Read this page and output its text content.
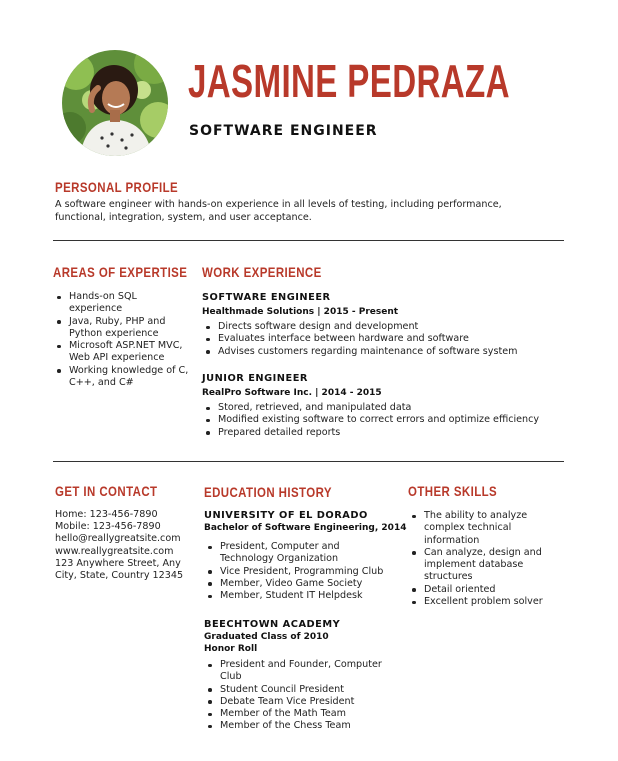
JASMINE PEDRAZA
SOFTWARE ENGINEER
PERSONAL PROFILE
A software engineer with hands-on experience in all levels of testing, including performance, functional, integration, system, and user acceptance.
AREAS OF EXPERTISE
Hands-on SQL experience
Java, Ruby, PHP and Python experience
Microsoft ASP.NET MVC, Web API experience
Working knowledge of C, C++, and C#
WORK EXPERIENCE
SOFTWARE ENGINEER
Healthmade Solutions | 2015 - Present
Directs software design and development
Evaluates interface between hardware and software
Advises customers regarding maintenance of software system
JUNIOR ENGINEER
RealPro Software Inc. | 2014 - 2015
Stored, retrieved, and manipulated data
Modified existing software to correct errors and optimize efficiency
Prepared detailed reports
GET IN CONTACT
Home: 123-456-7890
Mobile: 123-456-7890
hello@reallygreatsite.com
www.reallygreatsite.com
123 Anywhere Street, Any
City, State, Country 12345
EDUCATION HISTORY
UNIVERSITY OF EL DORADO
Bachelor of Software Engineering, 2014
President, Computer and Technology Organization
Vice President, Programming Club
Member, Video Game Society
Member, Student IT Helpdesk
BEECHTOWN ACADEMY
Graduated Class of 2010
Honor Roll
President and Founder, Computer Club
Student Council President
Debate Team Vice President
Member of the Math Team
Member of the Chess Team
OTHER SKILLS
The ability to analyze complex technical information
Can analyze, design and implement database structures
Detail oriented
Excellent problem solver
